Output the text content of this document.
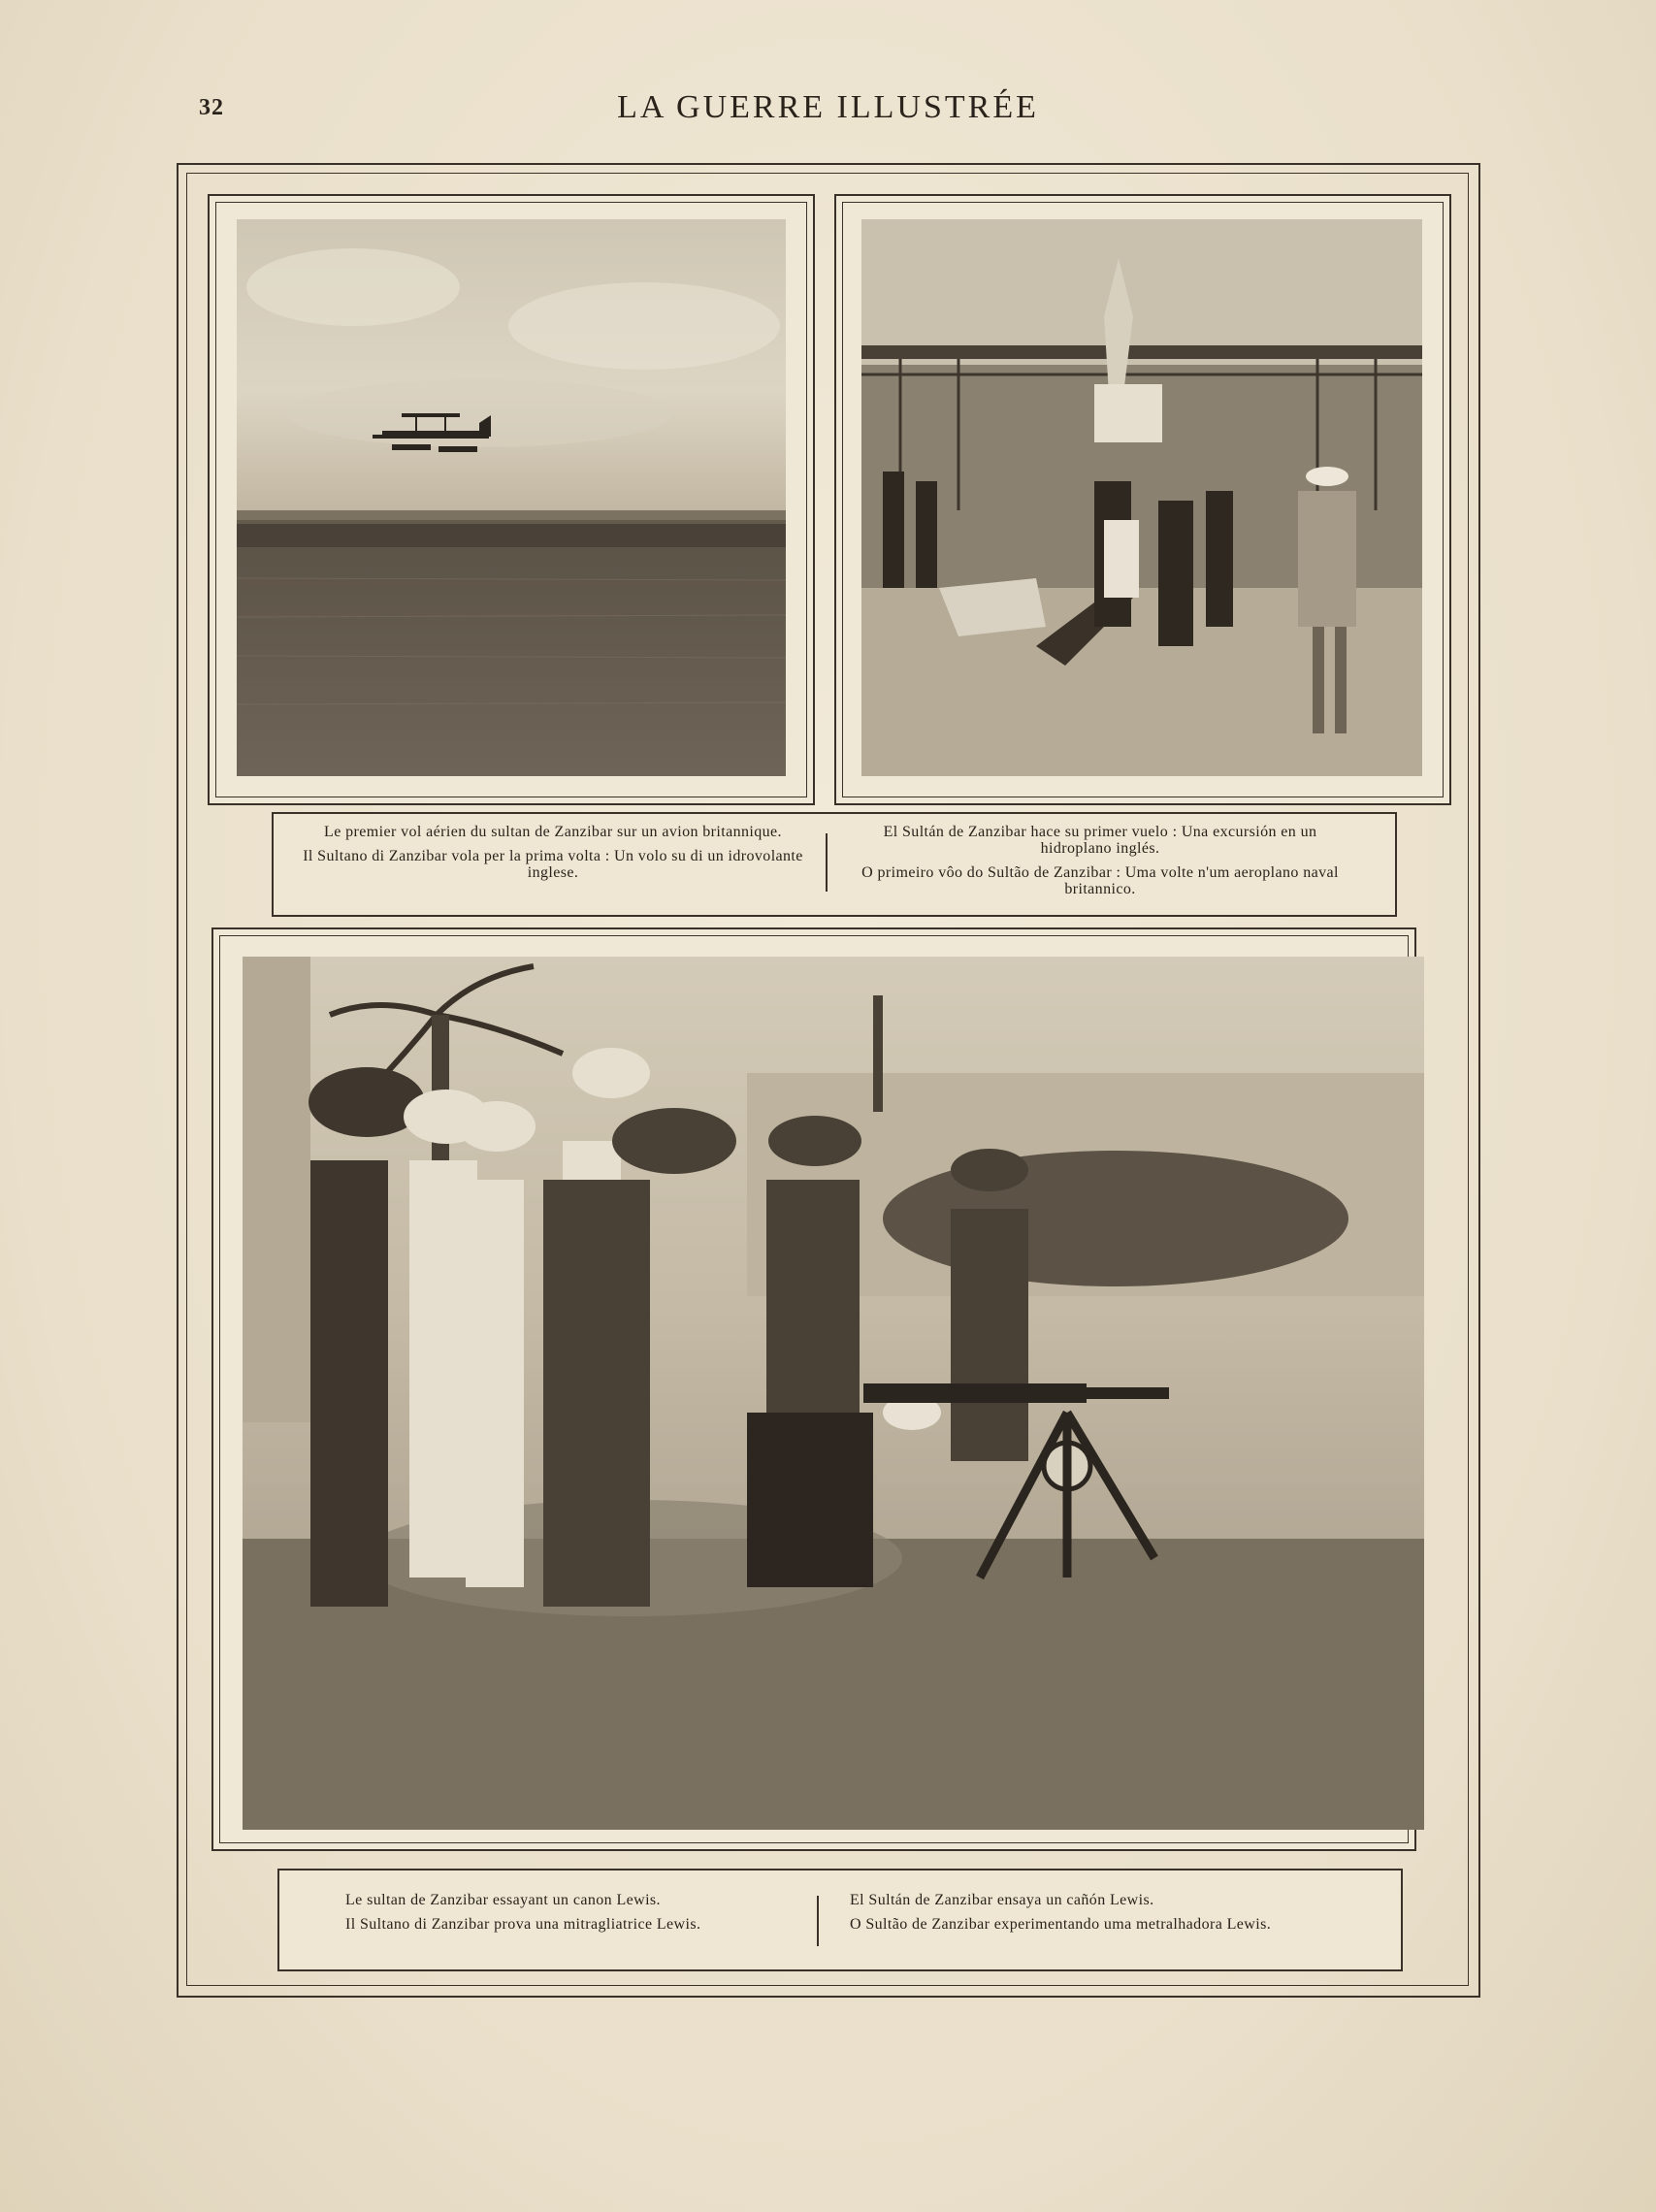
32	LA GUERRE ILLUSTRÉE

Le premier vol aérien du sultan de Zanzibar sur un avion britannique.

Il Sultano di Zanzibar vola per la prima volta : Un volo su di un idrovolante inglese.

El Sultán de Zanzibar hace su primer vuelo : Una excursión en un hidroplano inglés.

O primeiro vôo do Sultão de Zanzibar : Uma volte n'um aeroplano naval britannico.

Le sultan de Zanzibar essayant un canon Lewis.

Il Sultano di Zanzibar prova una mitragliatrice Lewis.

El Sultán de Zanzibar ensaya un cañón Lewis.

O Sultão de Zanzibar experimentando uma metralhadora Lewis.
